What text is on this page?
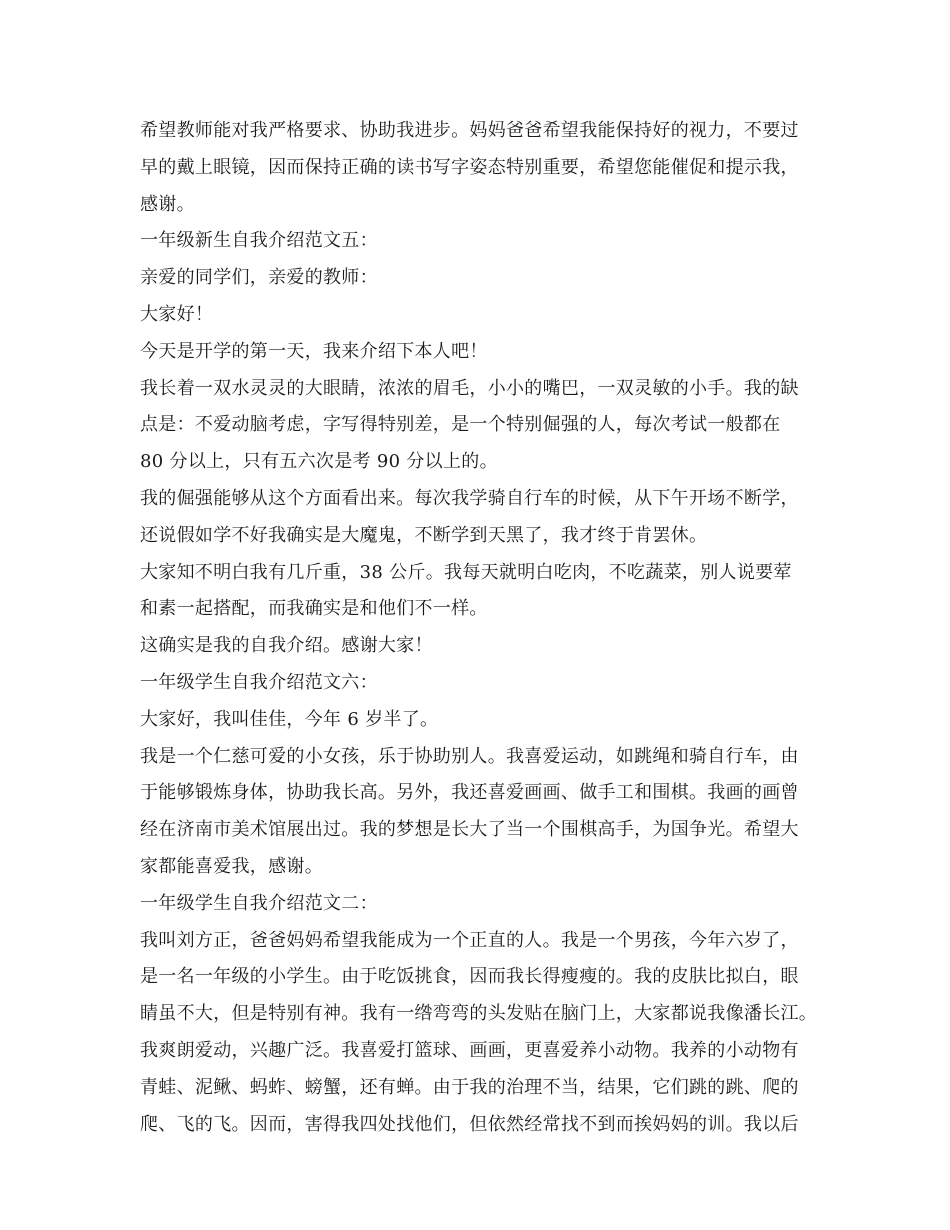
希望教师能对我严格要求、协助我进步。妈妈爸爸希望我能保持好的视力，不要过
早的戴上眼镜，因而保持正确的读书写字姿态特别重要，希望您能催促和提示我，
感谢。
一年级新生自我介绍范文五：
亲爱的同学们，亲爱的教师：
大家好！
今天是开学的第一天，我来介绍下本人吧！
我长着一双水灵灵的大眼睛，浓浓的眉毛，小小的嘴巴，一双灵敏的小手。我的缺
点是：不爱动脑考虑，字写得特别差，是一个特别倔强的人，每次考试一般都在
80 分以上，只有五六次是考 90 分以上的。
我的倔强能够从这个方面看出来。每次我学骑自行车的时候，从下午开场不断学，
还说假如学不好我确实是大魔鬼，不断学到天黑了，我才终于肯罢休。
大家知不明白我有几斤重，38 公斤。我每天就明白吃肉，不吃蔬菜，别人说要荤
和素一起搭配，而我确实是和他们不一样。
这确实是我的自我介绍。感谢大家！
一年级学生自我介绍范文六：
大家好，我叫佳佳，今年 6 岁半了。
我是一个仁慈可爱的小女孩，乐于协助别人。我喜爱运动，如跳绳和骑自行车，由
于能够锻炼身体，协助我长高。另外，我还喜爱画画、做手工和围棋。我画的画曾
经在济南市美术馆展出过。我的梦想是长大了当一个围棋高手，为国争光。希望大
家都能喜爱我，感谢。
一年级学生自我介绍范文二：
我叫刘方正，爸爸妈妈希望我能成为一个正直的人。我是一个男孩，今年六岁了，
是一名一年级的小学生。由于吃饭挑食，因而我长得瘦瘦的。我的皮肤比拟白，眼
睛虽不大，但是特别有神。我有一绺弯弯的头发贴在脑门上，大家都说我像潘长江。
我爽朗爱动，兴趣广泛。我喜爱打篮球、画画，更喜爱养小动物。我养的小动物有
青蛙、泥鳅、蚂蚱、螃蟹，还有蝉。由于我的治理不当，结果，它们跳的跳、爬的
爬、飞的飞。因而，害得我四处找他们，但依然经常找不到而挨妈妈的训。我以后
